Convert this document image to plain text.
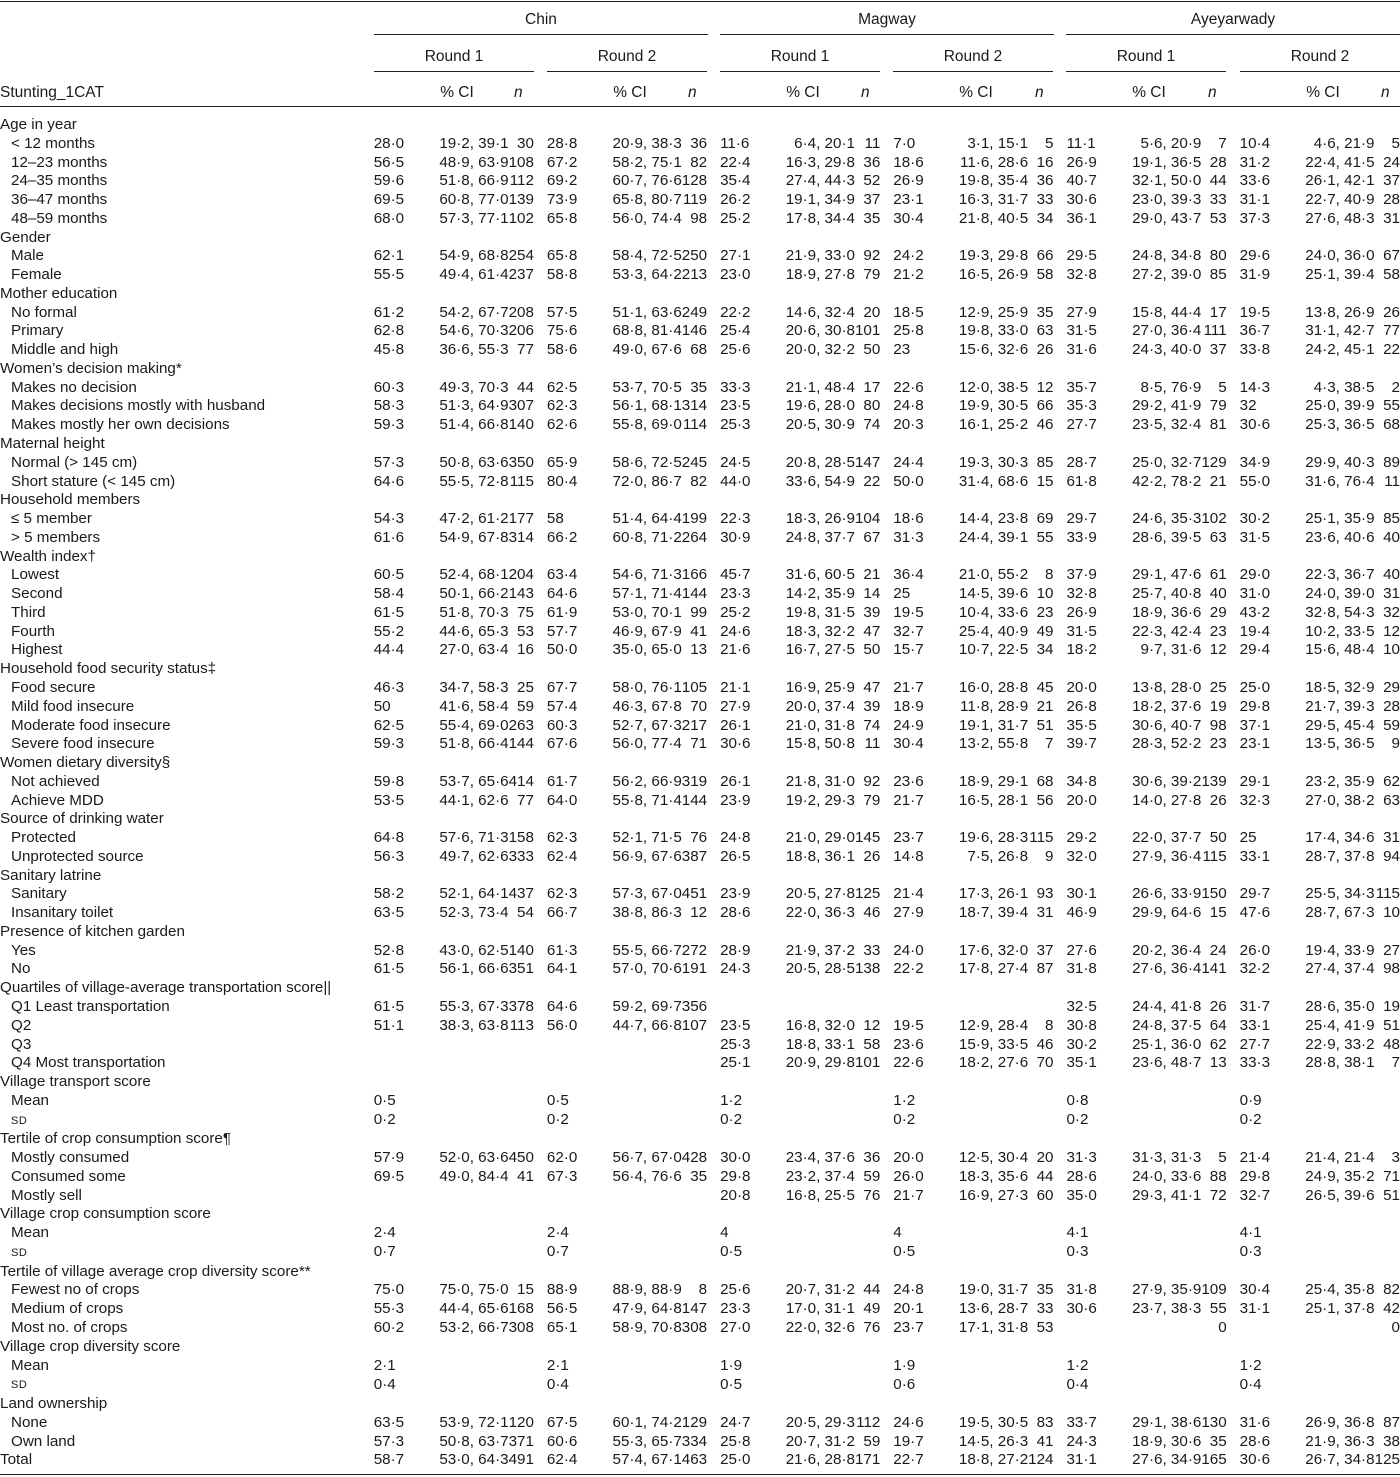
Chin	Magway	Ayeyarwady
Round 1	Round 2	Round 1	Round 2	Round 1	Round 2
Stunting_1CAT	% CI	n	% CI	n	% CI	n	% CI	n	% CI	n	% CI	n
Age in year																							
< 12 months	28·0	19·2, 39·1	30		28·8	20·9, 38·3	36		11·6	6·4, 20·1	11		7·0	3·1, 15·1	5		11·1	5·6, 20·9	7		10·4	4·6, 21·9	5
12–23 months	56·5	48·9, 63·9	108		67·2	58·2, 75·1	82		22·4	16·3, 29·8	36		18·6	11·6, 28·6	16		26·9	19·1, 36·5	28		31·2	22·4, 41·5	24
24–35 months	59·6	51·8, 66·9	112		69·2	60·7, 76·6	128		35·4	27·4, 44·3	52		26·9	19·8, 35·4	36		40·7	32·1, 50·0	44		33·6	26·1, 42·1	37
36–47 months	69·5	60·8, 77·0	139		73·9	65·8, 80·7	119		26·2	19·1, 34·9	37		23·1	16·3, 31·7	33		30·6	23·0, 39·3	33		31·1	22·7, 40·9	28
48–59 months	68·0	57·3, 77·1	102		65·8	56·0, 74·4	98		25·2	17·8, 34·4	35		30·4	21·8, 40·5	34		36·1	29·0, 43·7	53		37·3	27·6, 48·3	31
Gender																							
Male	62·1	54·9, 68·8	254		65·8	58·4, 72·5	250		27·1	21·9, 33·0	92		24·2	19·3, 29·8	66		29·5	24·8, 34·8	80		29·6	24·0, 36·0	67
Female	55·5	49·4, 61·4	237		58·8	53·3, 64·2	213		23·0	18·9, 27·8	79		21·2	16·5, 26·9	58		32·8	27·2, 39·0	85		31·9	25·1, 39·4	58
Mother education																							
No formal	61·2	54·2, 67·7	208		57·5	51·1, 63·6	249		22·2	14·6, 32·4	20		18·5	12·9, 25·9	35		27·9	15·8, 44·4	17		19·5	13·8, 26·9	26
Primary	62·8	54·6, 70·3	206		75·6	68·8, 81·4	146		25·4	20·6, 30·8	101		25·8	19·8, 33·0	63		31·5	27·0, 36·4	111		36·7	31·1, 42·7	77
Middle and high	45·8	36·6, 55·3	77		58·6	49·0, 67·6	68		25·6	20·0, 32·2	50		23	15·6, 32·6	26		31·6	24·3, 40·0	37		33·8	24·2, 45·1	22
Women’s decision making*																							
Makes no decision	60·3	49·3, 70·3	44		62·5	53·7, 70·5	35		33·3	21·1, 48·4	17		22·6	12·0, 38·5	12		35·7	8·5, 76·9	5		14·3	4·3, 38·5	2
Makes decisions mostly with husband	58·3	51·3, 64·9	307		62·3	56·1, 68·1	314		23·5	19·6, 28·0	80		24·8	19·9, 30·5	66		35·3	29·2, 41·9	79		32	25·0, 39·9	55
Makes mostly her own decisions	59·3	51·4, 66·8	140		62·6	55·8, 69·0	114		25·3	20·5, 30·9	74		20·3	16·1, 25·2	46		27·7	23·5, 32·4	81		30·6	25·3, 36·5	68
Maternal height																							
Normal (> 145 cm)	57·3	50·8, 63·6	350		65·9	58·6, 72·5	245		24·5	20·8, 28·5	147		24·4	19·3, 30·3	85		28·7	25·0, 32·7	129		34·9	29·9, 40·3	89
Short stature (< 145 cm)	64·6	55·5, 72·8	115		80·4	72·0, 86·7	82		44·0	33·6, 54·9	22		50·0	31·4, 68·6	15		61·8	42·2, 78·2	21		55·0	31·6, 76·4	11
Household members																							
≤ 5 member	54·3	47·2, 61·2	177		58	51·4, 64·4	199		22·3	18·3, 26·9	104		18·6	14·4, 23·8	69		29·7	24·6, 35·3	102		30·2	25·1, 35·9	85
> 5 members	61·6	54·9, 67·8	314		66·2	60·8, 71·2	264		30·9	24·8, 37·7	67		31·3	24·4, 39·1	55		33·9	28·6, 39·5	63		31·5	23·6, 40·6	40
Wealth index†																							
Lowest	60·5	52·4, 68·1	204		63·4	54·6, 71·3	166		45·7	31·6, 60·5	21		36·4	21·0, 55·2	8		37·9	29·1, 47·6	61		29·0	22·3, 36·7	40
Second	58·4	50·1, 66·2	143		64·6	57·1, 71·4	144		23·3	14·2, 35·9	14		25	14·5, 39·6	10		32·8	25·7, 40·8	40		31·0	24·0, 39·0	31
Third	61·5	51·8, 70·3	75		61·9	53·0, 70·1	99		25·2	19·8, 31·5	39		19·5	10·4, 33·6	23		26·9	18·9, 36·6	29		43·2	32·8, 54·3	32
Fourth	55·2	44·6, 65·3	53		57·7	46·9, 67·9	41		24·6	18·3, 32·2	47		32·7	25·4, 40·9	49		31·5	22·3, 42·4	23		19·4	10·2, 33·5	12
Highest	44·4	27·0, 63·4	16		50·0	35·0, 65·0	13		21·6	16·7, 27·5	50		15·7	10·7, 22·5	34		18·2	9·7, 31·6	12		29·4	15·6, 48·4	10
Household food security status‡																							
Food secure	46·3	34·7, 58·3	25		67·7	58·0, 76·1	105		21·1	16·9, 25·9	47		21·7	16·0, 28·8	45		20·0	13·8, 28·0	25		25·0	18·5, 32·9	29
Mild food insecure	50	41·6, 58·4	59		57·4	46·3, 67·8	70		27·9	20·0, 37·4	39		18·9	11·8, 28·9	21		26·8	18·2, 37·6	19		29·8	21·7, 39·3	28
Moderate food insecure	62·5	55·4, 69·0	263		60·3	52·7, 67·3	217		26·1	21·0, 31·8	74		24·9	19·1, 31·7	51		35·5	30·6, 40·7	98		37·1	29·5, 45·4	59
Severe food insecure	59·3	51·8, 66·4	144		67·6	56·0, 77·4	71		30·6	15·8, 50·8	11		30·4	13·2, 55·8	7		39·7	28·3, 52·2	23		23·1	13·5, 36·5	9
Women dietary diversity§																							
Not achieved	59·8	53·7, 65·6	414		61·7	56·2, 66·9	319		26·1	21·8, 31·0	92		23·6	18·9, 29·1	68		34·8	30·6, 39·2	139		29·1	23·2, 35·9	62
Achieve MDD	53·5	44·1, 62·6	77		64·0	55·8, 71·4	144		23·9	19·2, 29·3	79		21·7	16·5, 28·1	56		20·0	14·0, 27·8	26		32·3	27·0, 38·2	63
Source of drinking water																							
Protected	64·8	57·6, 71·3	158		62·3	52·1, 71·5	76		24·8	21·0, 29·0	145		23·7	19·6, 28·3	115		29·2	22·0, 37·7	50		25	17·4, 34·6	31
Unprotected source	56·3	49·7, 62·6	333		62·4	56·9, 67·6	387		26·5	18·8, 36·1	26		14·8	7·5, 26·8	9		32·0	27·9, 36·4	115		33·1	28·7, 37·8	94
Sanitary latrine																							
Sanitary	58·2	52·1, 64·1	437		62·3	57·3, 67·0	451		23·9	20·5, 27·8	125		21·4	17·3, 26·1	93		30·1	26·6, 33·9	150		29·7	25·5, 34·3	115
Insanitary toilet	63·5	52·3, 73·4	54		66·7	38·8, 86·3	12		28·6	22·0, 36·3	46		27·9	18·7, 39·4	31		46·9	29·9, 64·6	15		47·6	28·7, 67·3	10
Presence of kitchen garden																							
Yes	52·8	43·0, 62·5	140		61·3	55·5, 66·7	272		28·9	21·9, 37·2	33		24·0	17·6, 32·0	37		27·6	20·2, 36·4	24		26·0	19·4, 33·9	27
No	61·5	56·1, 66·6	351		64·1	57·0, 70·6	191		24·3	20·5, 28·5	138		22·2	17·8, 27·4	87		31·8	27·6, 36·4	141		32·2	27·4, 37·4	98
Quartiles of village-average transportation score||																							
Q1 Least transportation	61·5	55·3, 67·3	378		64·6	59·2, 69·7	356										32·5	24·4, 41·8	26		31·7	28·6, 35·0	19
Q2	51·1	38·3, 63·8	113		56·0	44·7, 66·8	107		23·5	16·8, 32·0	12		19·5	12·9, 28·4	8		30·8	24·8, 37·5	64		33·1	25·4, 41·9	51
Q3									25·3	18·8, 33·1	58		23·6	15·9, 33·5	46		30·2	25·1, 36·0	62		27·7	22·9, 33·2	48
Q4 Most transportation									25·1	20·9, 29·8	101		22·6	18·2, 27·6	70		35·1	23·6, 48·7	13		33·3	28·8, 38·1	7
Village transport score																							
Mean	0·5				0·5				1·2				1·2				0·8				0·9		
SD	0·2				0·2				0·2				0·2				0·2				0·2		
Tertile of crop consumption score¶																							
Mostly consumed	57·9	52·0, 63·6	450		62·0	56·7, 67·0	428		30·0	23·4, 37·6	36		20·0	12·5, 30·4	20		31·3	31·3, 31·3	5		21·4	21·4, 21·4	3
Consumed some	69·5	49·0, 84·4	41		67·3	56·4, 76·6	35		29·8	23·2, 37·4	59		26·0	18·3, 35·6	44		28·6	24·0, 33·6	88		29·8	24·9, 35·2	71
Mostly sell									20·8	16·8, 25·5	76		21·7	16·9, 27·3	60		35·0	29·3, 41·1	72		32·7	26·5, 39·6	51
Village crop consumption score																							
Mean	2·4				2·4				4				4				4·1				4·1		
SD	0·7				0·7				0·5				0·5				0·3				0·3		
Tertile of village average crop diversity score**																							
Fewest no of crops	75·0	75·0, 75·0	15		88·9	88·9, 88·9	8		25·6	20·7, 31·2	44		24·8	19·0, 31·7	35		31·8	27·9, 35·9	109		30·4	25·4, 35·8	82
Medium of crops	55·3	44·4, 65·6	168		56·5	47·9, 64·8	147		23·3	17·0, 31·1	49		20·1	13·6, 28·7	33		30·6	23·7, 38·3	55		31·1	25·1, 37·8	42
Most no. of crops	60·2	53·2, 66·7	308		65·1	58·9, 70·8	308		27·0	22·0, 32·6	76		23·7	17·1, 31·8	53				0				0
Village crop diversity score																							
Mean	2·1				2·1				1·9				1·9				1·2				1·2		
SD	0·4				0·4				0·5				0·6				0·4				0·4		
Land ownership																							
None	63·5	53·9, 72·1	120		67·5	60·1, 74·2	129		24·7	20·5, 29·3	112		24·6	19·5, 30·5	83		33·7	29·1, 38·6	130		31·6	26·9, 36·8	87
Own land	57·3	50·8, 63·7	371		60·6	55·3, 65·7	334		25·8	20·7, 31·2	59		19·7	14·5, 26·3	41		24·3	18·9, 30·6	35		28·6	21·9, 36·3	38
Total	58·7	53·0, 64·3	491		62·4	57·4, 67·1	463		25·0	21·6, 28·8	171		22·7	18·8, 27·2	124		31·1	27·6, 34·9	165		30·6	26·7, 34·8	125
